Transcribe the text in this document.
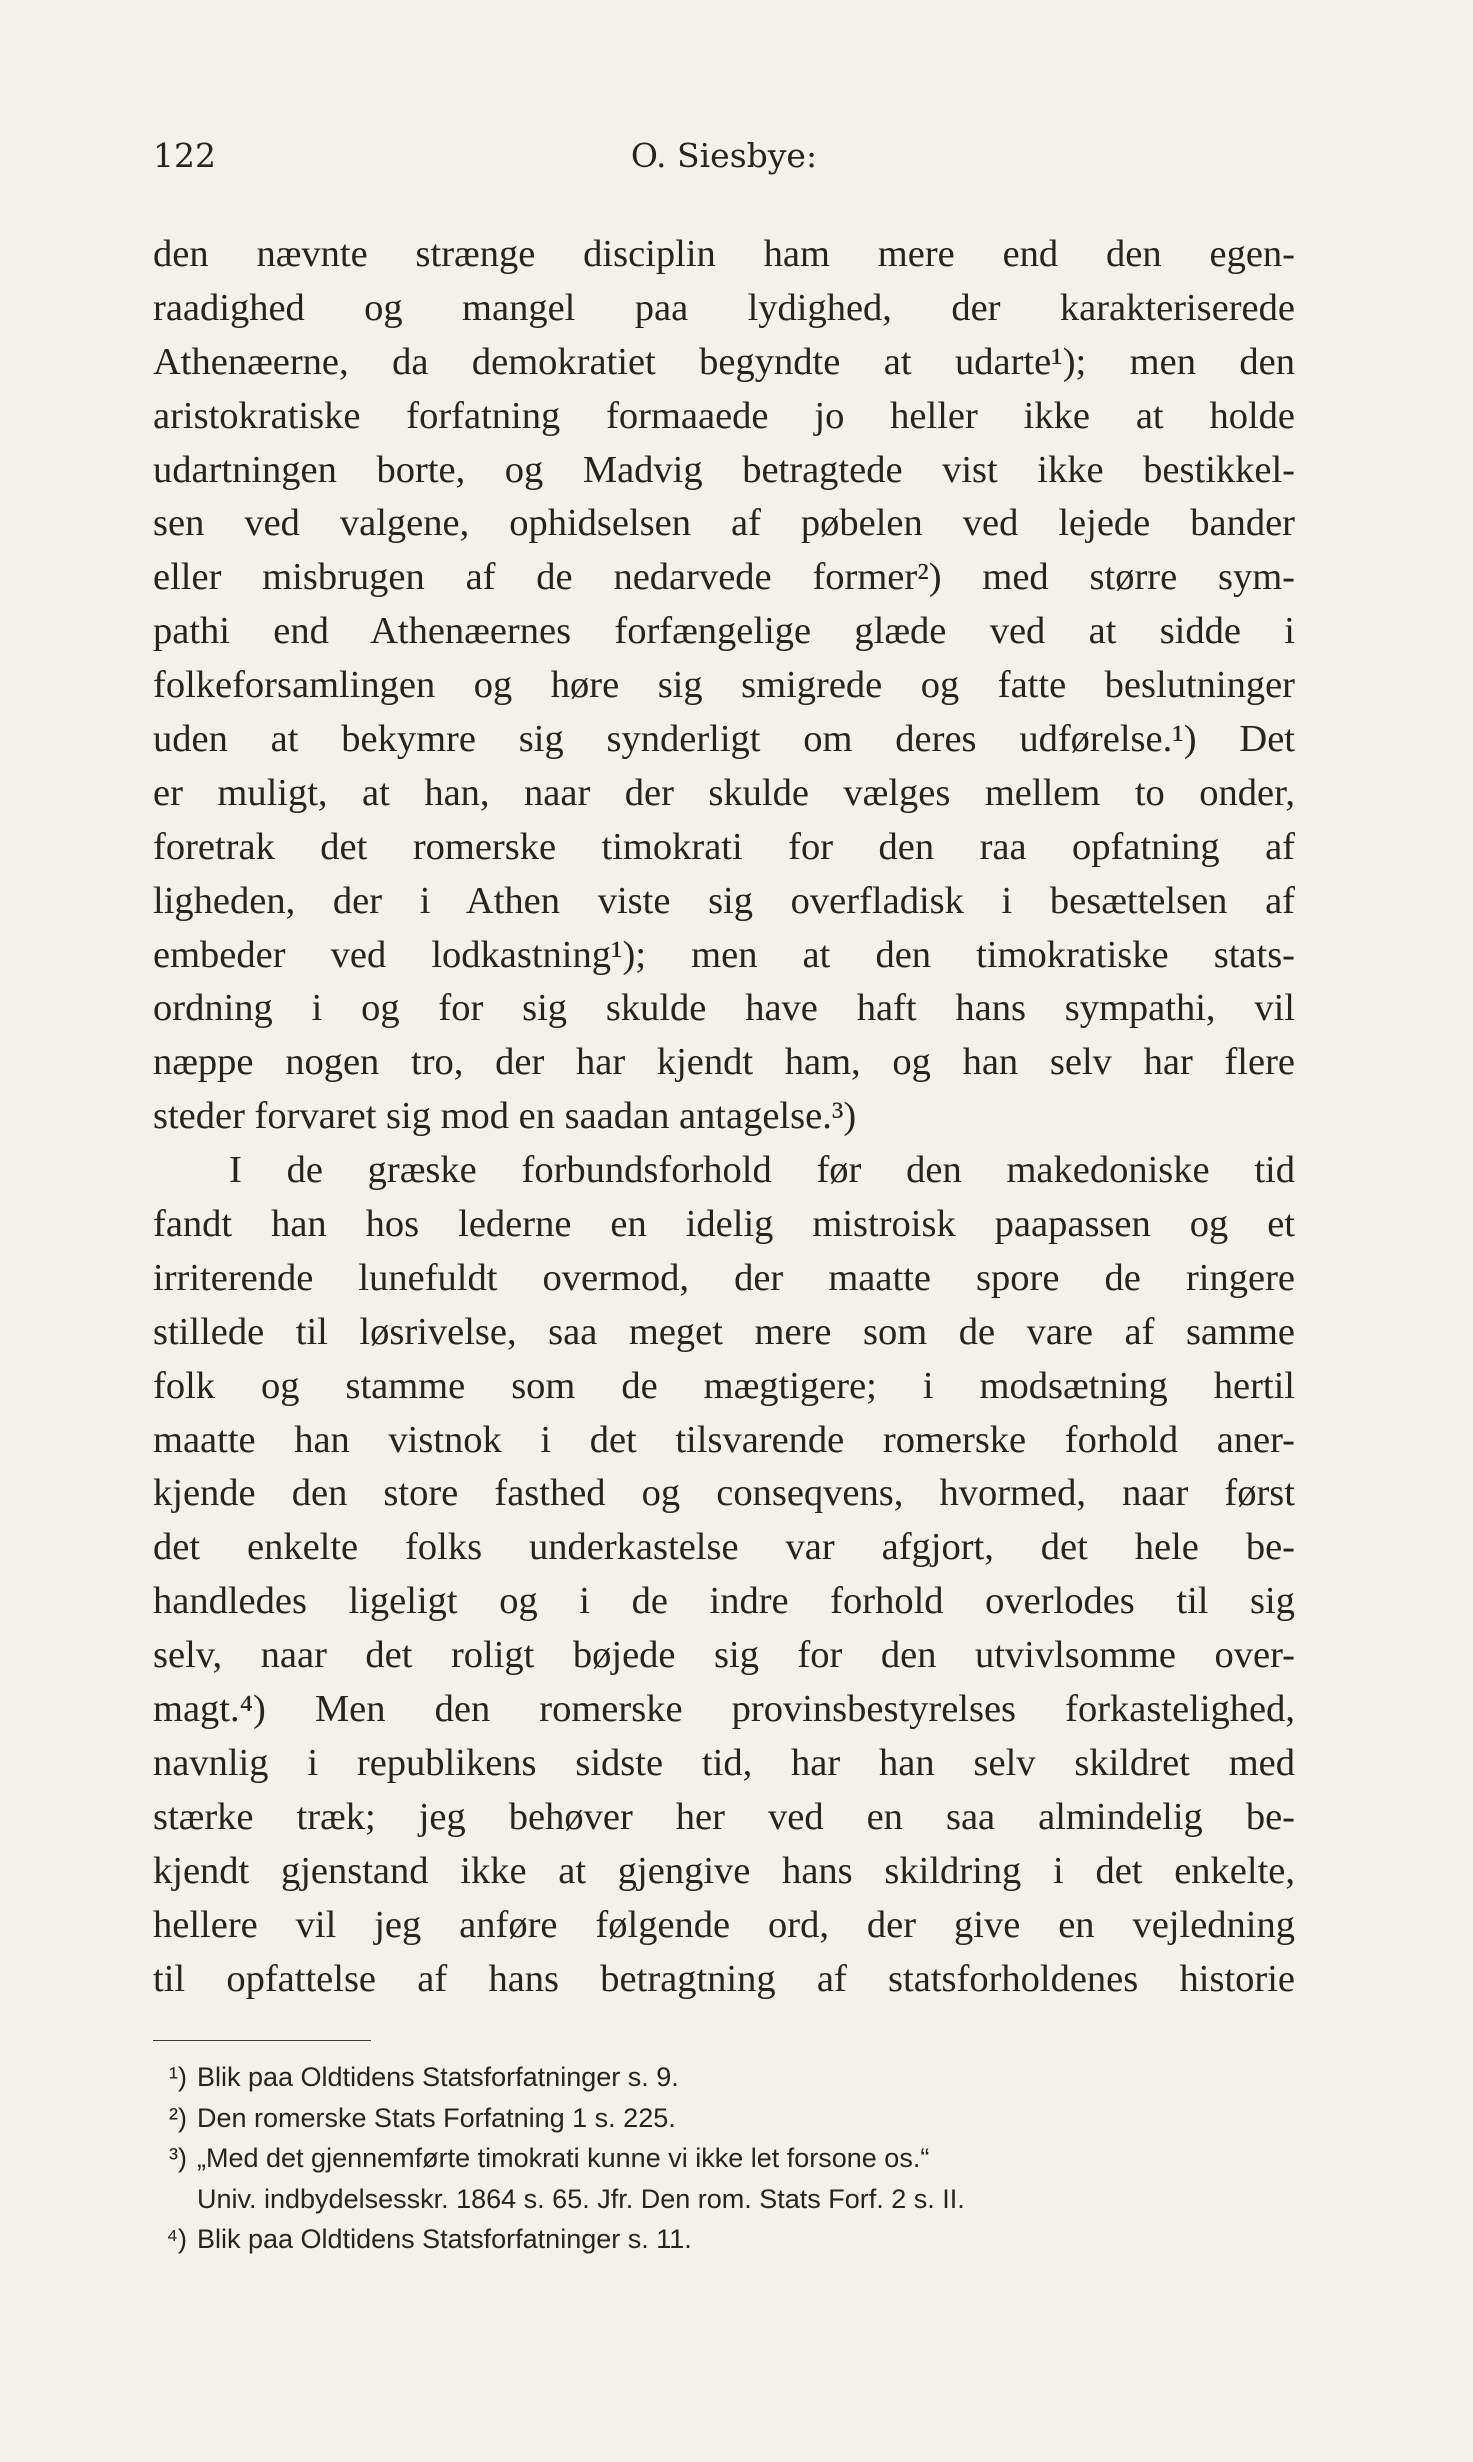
122	O. Siesbye:
den nævnte strænge disciplin ham mere end den egen-
raadighed og mangel paa lydighed, der karakteriserede
Athenæerne, da demokratiet begyndte at udarte¹); men den
aristokratiske forfatning formaaede jo heller ikke at holde
udartningen borte, og Madvig betragtede vist ikke bestikkel-
sen ved valgene, ophidselsen af pøbelen ved lejede bander
eller misbrugen af de nedarvede former²) med større sym-
pathi end Athenæernes forfængelige glæde ved at sidde i
folkeforsamlingen og høre sig smigrede og fatte beslutninger
uden at bekymre sig synderligt om deres udførelse.¹) Det
er muligt, at han, naar der skulde vælges mellem to onder,
foretrak det romerske timokrati for den raa opfatning af
ligheden, der i Athen viste sig overfladisk i besættelsen af
embeder ved lodkastning¹); men at den timokratiske stats-
ordning i og for sig skulde have haft hans sympathi, vil
næppe nogen tro, der har kjendt ham, og han selv har flere
steder forvaret sig mod en saadan antagelse.³)
I de græske forbundsforhold før den makedoniske tid
fandt han hos lederne en idelig mistroisk paapassen og et
irriterende lunefuldt overmod, der maatte spore de ringere
stillede til løsrivelse, saa meget mere som de vare af samme
folk og stamme som de mægtigere; i modsætning hertil
maatte han vistnok i det tilsvarende romerske forhold aner-
kjende den store fasthed og conseqvens, hvormed, naar først
det enkelte folks underkastelse var afgjort, det hele be-
handledes ligeligt og i de indre forhold overlodes til sig
selv, naar det roligt bøjede sig for den utvivlsomme over-
magt.⁴) Men den romerske provinsbestyrelses forkastelighed,
navnlig i republikens sidste tid, har han selv skildret med
stærke træk; jeg behøver her ved en saa almindelig be-
kjendt gjenstand ikke at gjengive hans skildring i det enkelte,
hellere vil jeg anføre følgende ord, der give en vejledning
til opfattelse af hans betragtning af statsforholdenes historie
¹) Blik paa Oldtidens Statsforfatninger s. 9.
²) Den romerske Stats Forfatning 1 s. 225.
³) „Med det gjennemførte timokrati kunne vi ikke let forsone os.“
Univ. indbydelsesskr. 1864 s. 65. Jfr. Den rom. Stats Forf. 2 s. II.
⁴) Blik paa Oldtidens Statsforfatninger s. 11.
